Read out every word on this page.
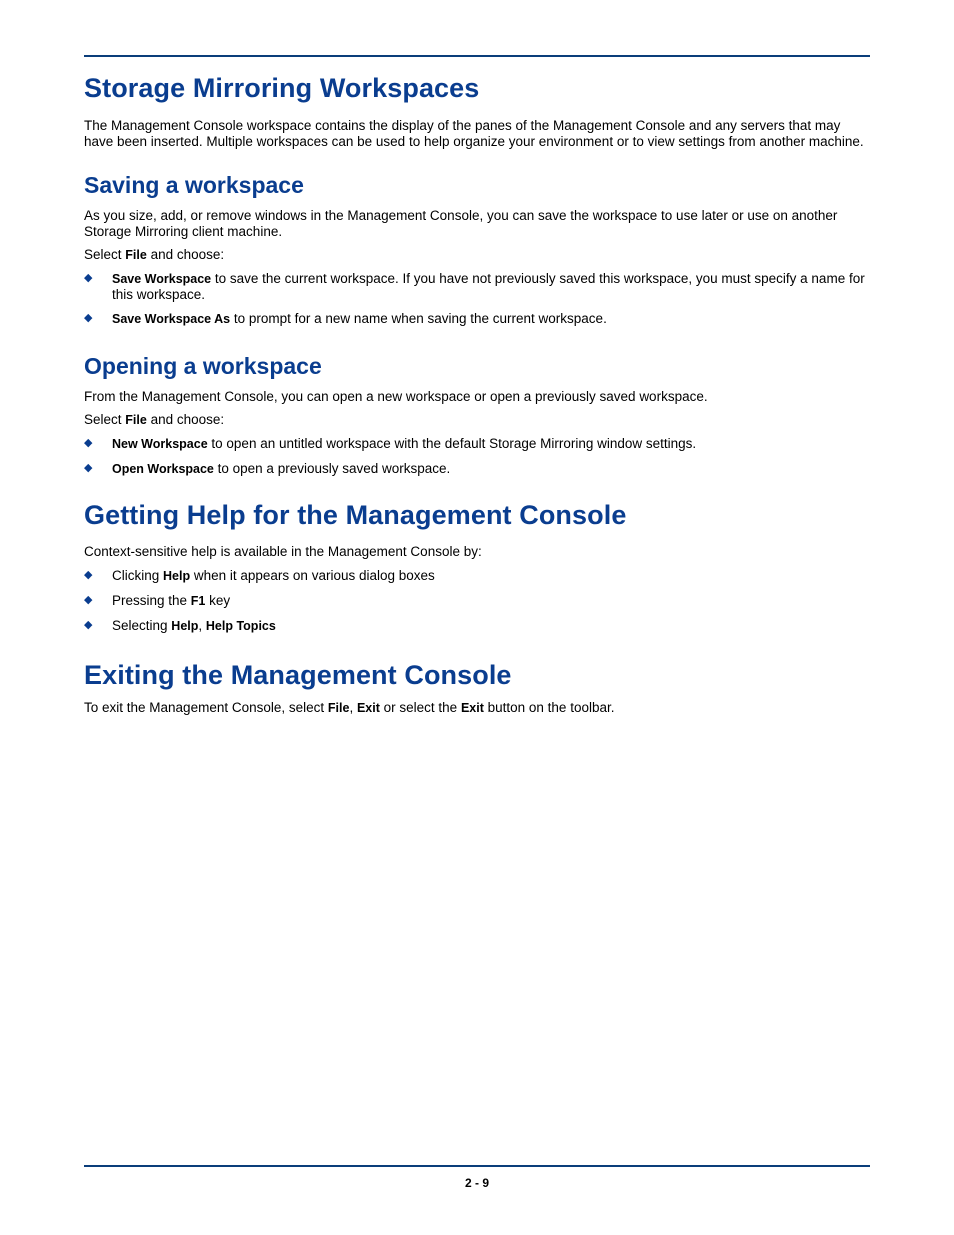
Storage Mirroring Workspaces

The Management Console workspace contains the display of the panes of the Management Console and any servers that may have been inserted. Multiple workspaces can be used to help organize your environment or to view settings from another machine.

Saving a workspace

As you size, add, or remove windows in the Management Console, you can save the workspace to use later or use on another Storage Mirroring client machine.

Select File and choose:

◆ Save Workspace to save the current workspace. If you have not previously saved this workspace, you must specify a name for this workspace.
◆ Save Workspace As to prompt for a new name when saving the current workspace.
Opening a workspace

From the Management Console, you can open a new workspace or open a previously saved workspace.

Select File and choose:

◆ New Workspace to open an untitled workspace with the default Storage Mirroring window settings.
◆ Open Workspace to open a previously saved workspace.
Getting Help for the Management Console

Context-sensitive help is available in the Management Console by:

◆ Clicking Help when it appears on various dialog boxes
◆ Pressing the F1 key
◆ Selecting Help, Help Topics
Exiting the Management Console

To exit the Management Console, select File, Exit or select the Exit button on the toolbar.

2 - 9
